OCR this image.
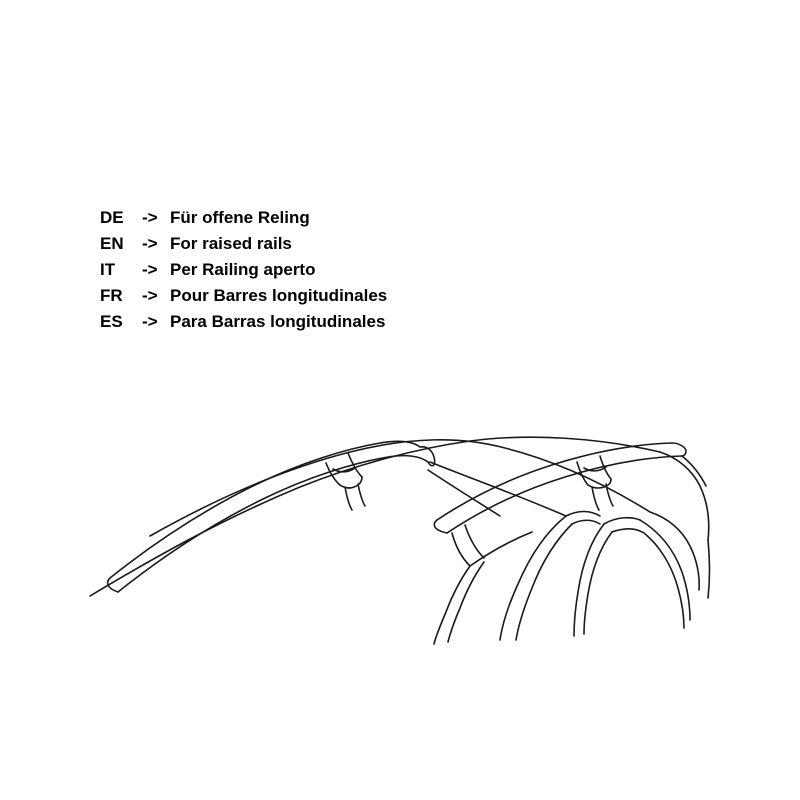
DE	-> Für offene Reling
EN	-> For raised rails
IT	-> Per Railing aperto
FR	-> Pour Barres longitudinales
ES	-> Para Barras longitudinales
